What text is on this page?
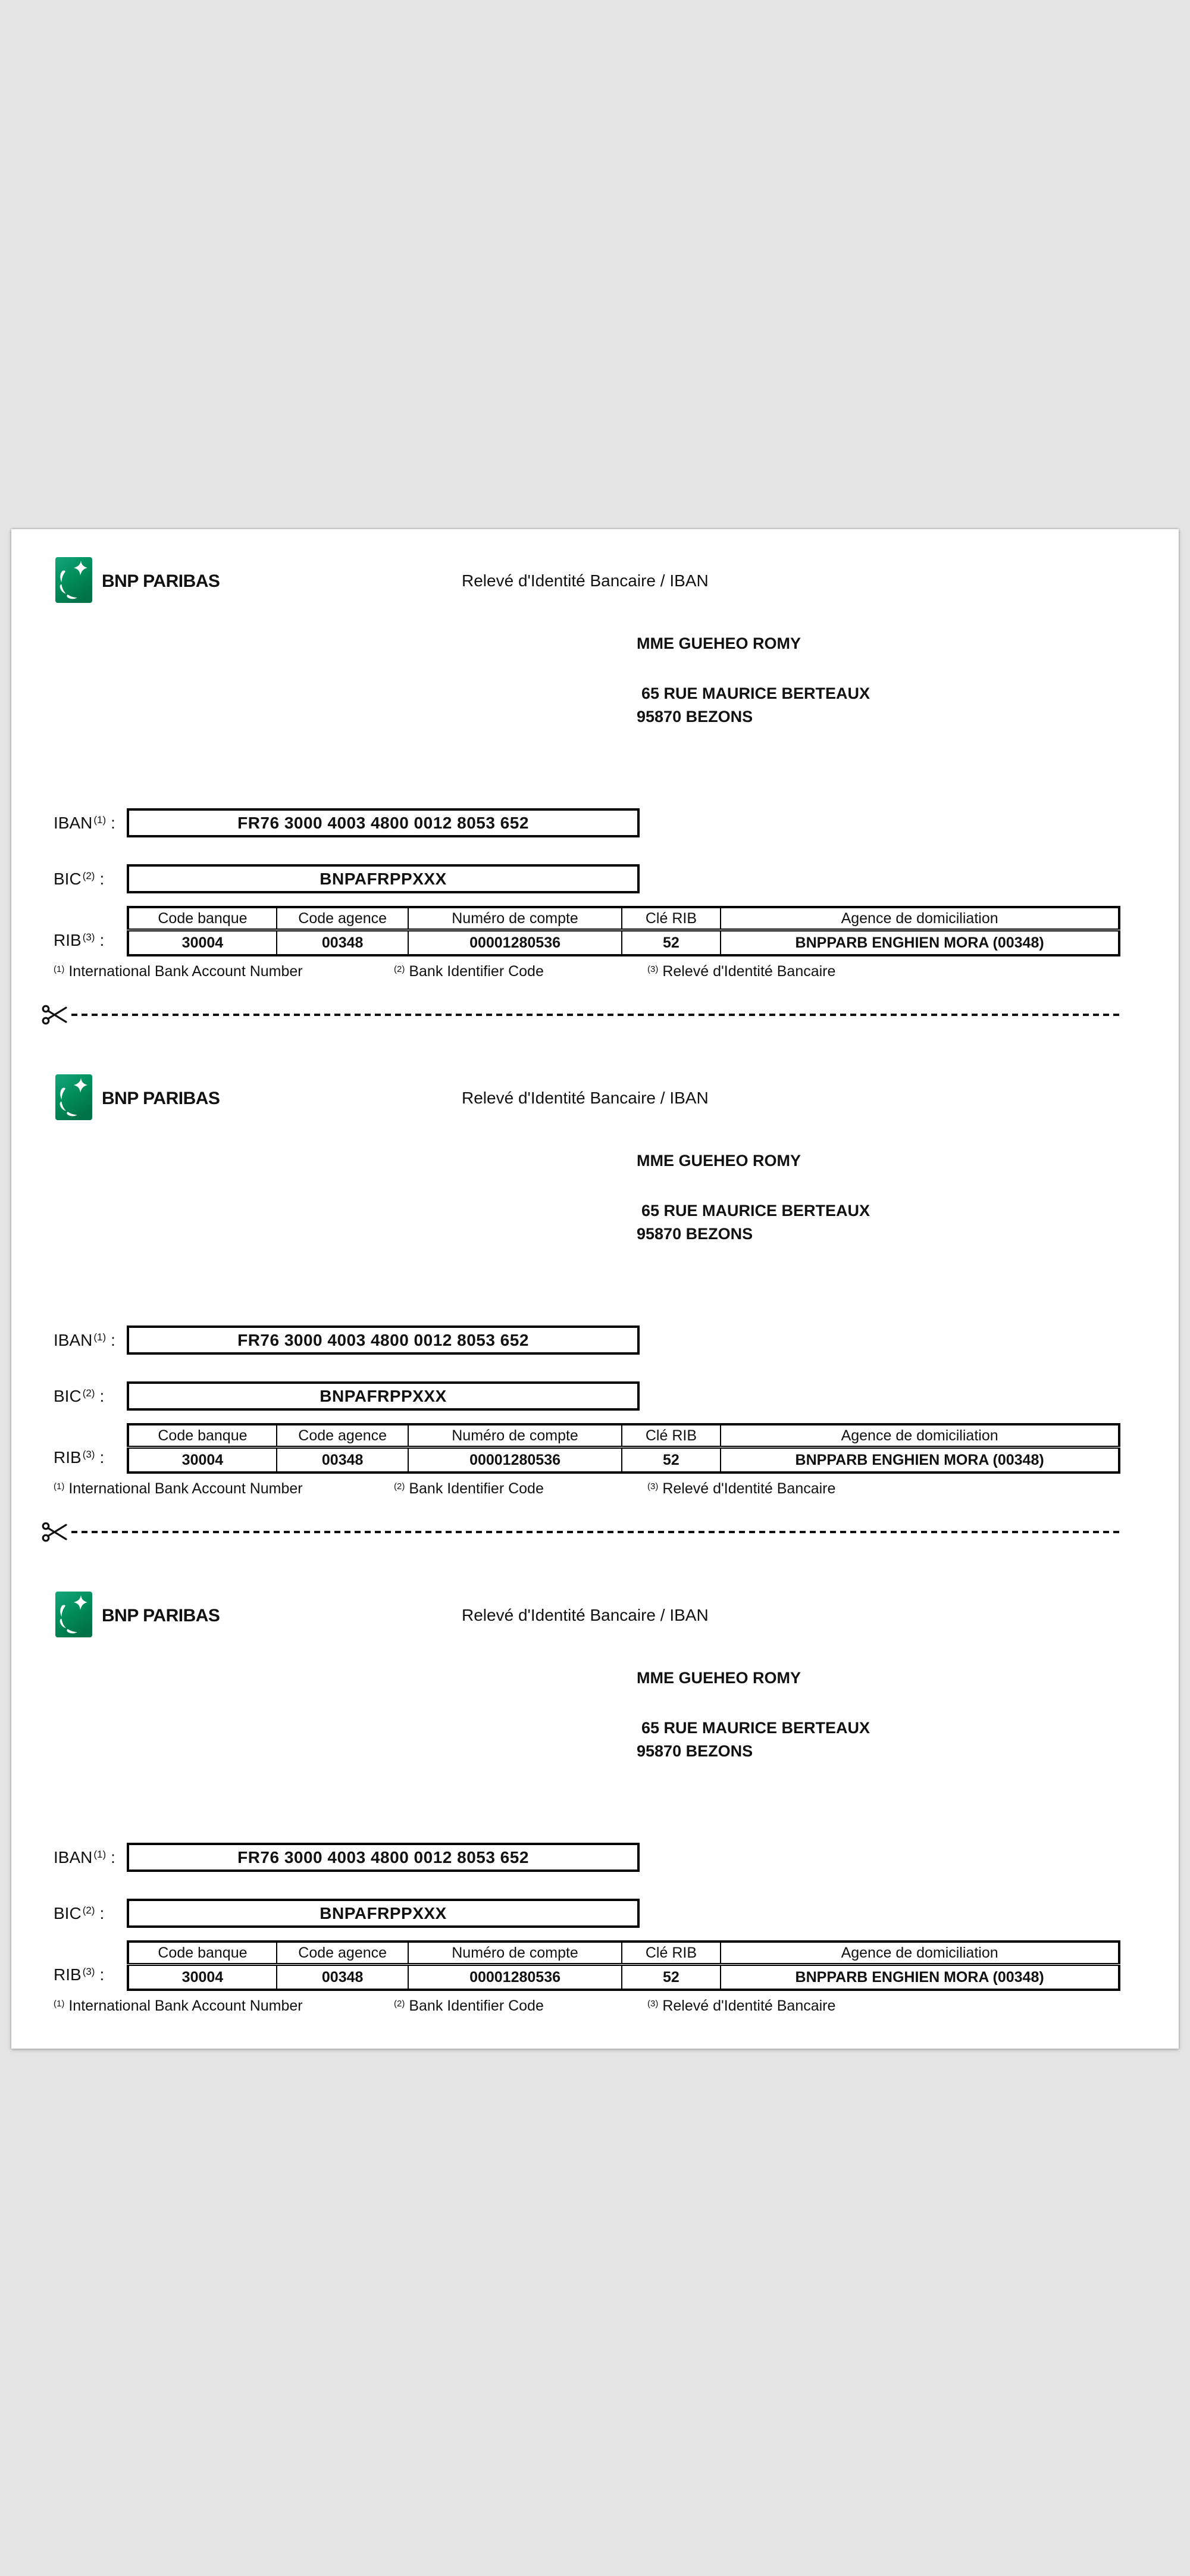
BNP PARIBAS	Relevé d'Identité Bancaire / IBAN
MME GUEHEO ROMY
65 RUE MAURICE BERTEAUX
95870 BEZONS
IBAN $^{(1)}$ :	FR76 3000 4003 4800 0012 8053 652
BIC $^{(2)}$ :	BNPAFRPPXXX
RIB $^{(3)}$ :
Code banque	Code agence	Numéro de compte	Clé RIB	Agence de domiciliation
30004	00348	00001280536	52	BNPPARB ENGHIEN MORA (00348)
$^{(1)}$ International Bank Account Number	$^{(2)}$ Bank Identifier Code	$^{(3)}$ Relevé d'Identité Bancaire
BNP PARIBAS	Relevé d'Identité Bancaire / IBAN
MME GUEHEO ROMY
65 RUE MAURICE BERTEAUX
95870 BEZONS
IBAN $^{(1)}$ :	FR76 3000 4003 4800 0012 8053 652
BIC $^{(2)}$ :	BNPAFRPPXXX
RIB $^{(3)}$ :
Code banque	Code agence	Numéro de compte	Clé RIB	Agence de domiciliation
30004	00348	00001280536	52	BNPPARB ENGHIEN MORA (00348)
$^{(1)}$ International Bank Account Number	$^{(2)}$ Bank Identifier Code	$^{(3)}$ Relevé d'Identité Bancaire
BNP PARIBAS	Relevé d'Identité Bancaire / IBAN
MME GUEHEO ROMY
65 RUE MAURICE BERTEAUX
95870 BEZONS
IBAN $^{(1)}$ :	FR76 3000 4003 4800 0012 8053 652
BIC $^{(2)}$ :	BNPAFRPPXXX
RIB $^{(3)}$ :
Code banque	Code agence	Numéro de compte	Clé RIB	Agence de domiciliation
30004	00348	00001280536	52	BNPPARB ENGHIEN MORA (00348)
$^{(1)}$ International Bank Account Number	$^{(2)}$ Bank Identifier Code	$^{(3)}$ Relevé d'Identité Bancaire
